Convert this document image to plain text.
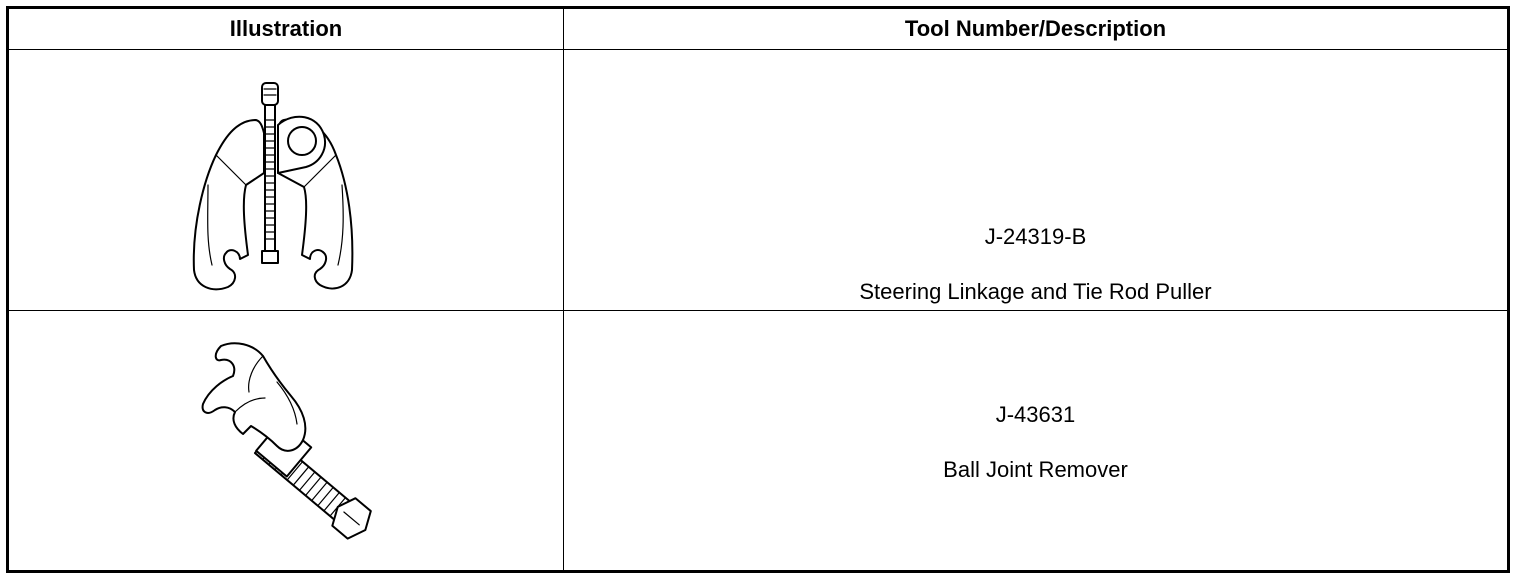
Illustration	Tool Number/Description

J-24319-B
Steering Linkage and Tie Rod Puller

J-43631
Ball Joint Remover
